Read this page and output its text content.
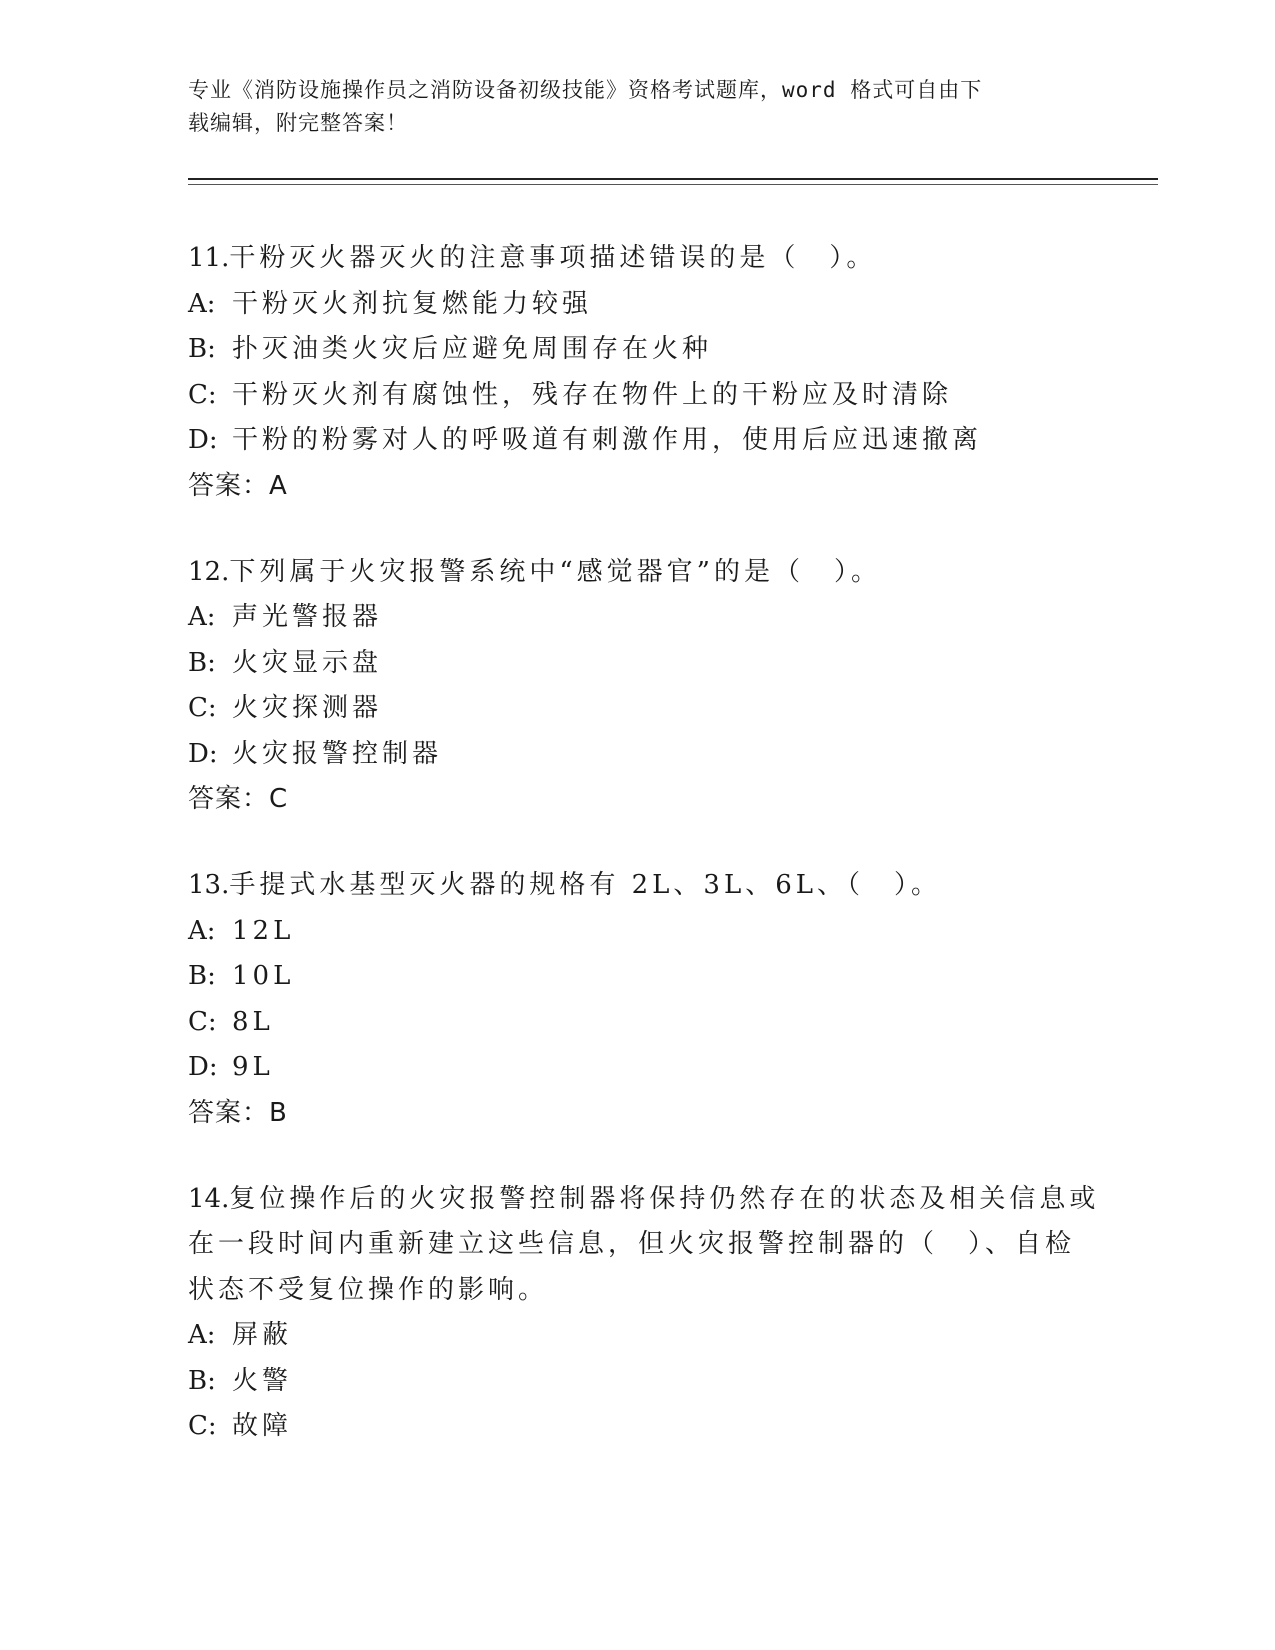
专业《消防设施操作员之消防设备初级技能》资格考试题库，word 格式可自由下
载编辑，附完整答案！
11.干粉灭火器灭火的注意事项描述错误的是（　）。
A: 干粉灭火剂抗复燃能力较强
B: 扑灭油类火灾后应避免周围存在火种
C: 干粉灭火剂有腐蚀性，残存在物件上的干粉应及时清除
D: 干粉的粉雾对人的呼吸道有刺激作用，使用后应迅速撤离
答案：A
12.下列属于火灾报警系统中“感觉器官”的是（　）。
A: 声光警报器
B: 火灾显示盘
C: 火灾探测器
D: 火灾报警控制器
答案：C
13.手提式水基型灭火器的规格有 2L、3L、6L、（　）。
A: 12L
B: 10L
C: 8L
D: 9L
答案：B
14.复位操作后的火灾报警控制器将保持仍然存在的状态及相关信息或
在一段时间内重新建立这些信息，但火灾报警控制器的（　）、自检
状态不受复位操作的影响。
A: 屏蔽
B: 火警
C: 故障
